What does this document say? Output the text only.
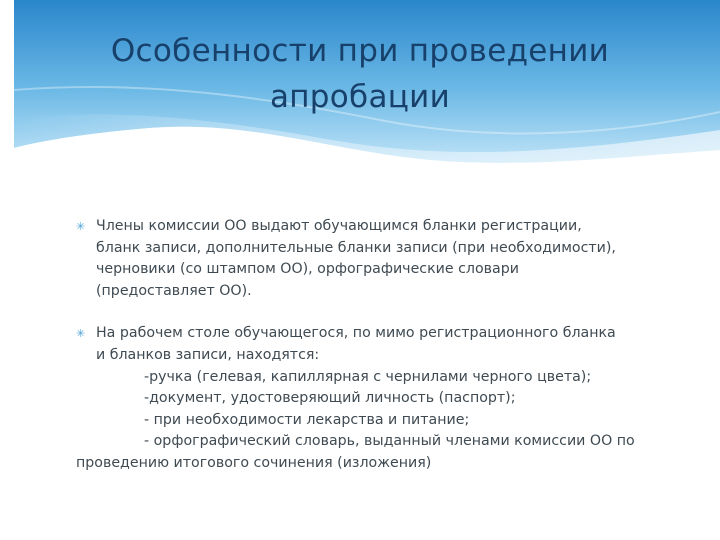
Особенности при проведении
апробации
✳ Члены комиссии ОО выдают обучающимся бланки регистрации,
бланк записи, дополнительные бланки записи (при необходимости),
черновики (со штампом ОО), орфографические словари
(предоставляет ОО).
✳ На рабочем столе обучающегося, по мимо регистрационного бланка
и бланков записи, находятся:
-ручка (гелевая, капиллярная с чернилами черного цвета);
-документ, удостоверяющий личность (паспорт);
- при необходимости лекарства и питание;
- орфографический словарь, выданный членами комиссии ОО по
проведению итогового сочинения (изложения)
